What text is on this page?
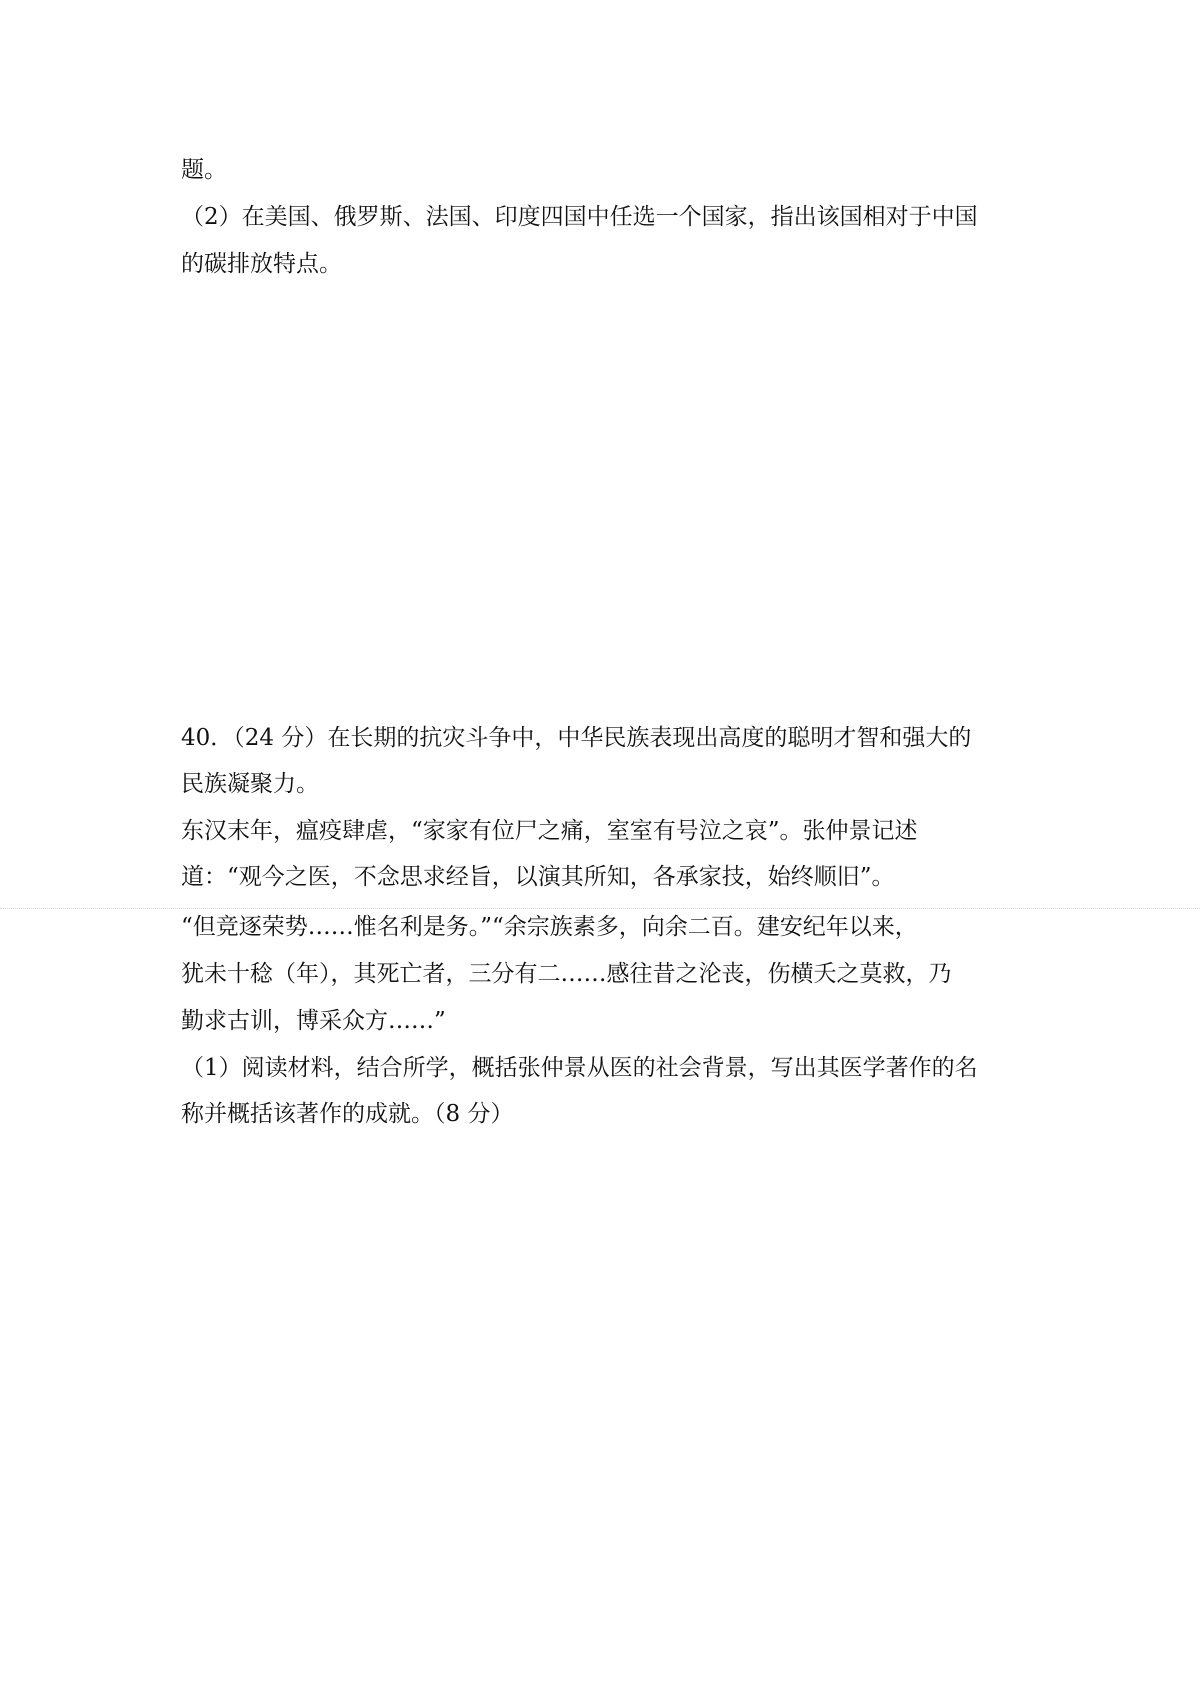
题。
（2）在美国、俄罗斯、法国、印度四国中任选一个国家，指出该国相对于中国
的碳排放特点。
40．（24 分）在长期的抗灾斗争中，中华民族表现出高度的聪明才智和强大的
民族凝聚力。
东汉末年，瘟疫肆虐，“家家有位尸之痛，室室有号泣之哀”。张仲景记述
道：“观今之医，不念思求经旨，以演其所知，各承家技，始终顺旧”。
“但竞逐荣势……惟名利是务。”“余宗族素多，向余二百。建安纪年以来，
犹未十稔（年），其死亡者，三分有二……感往昔之沦丧，伤横夭之莫救，乃
勤求古训，博采众方……”
（1）阅读材料，结合所学，概括张仲景从医的社会背景，写出其医学著作的名
称并概括该著作的成就。（8 分）
